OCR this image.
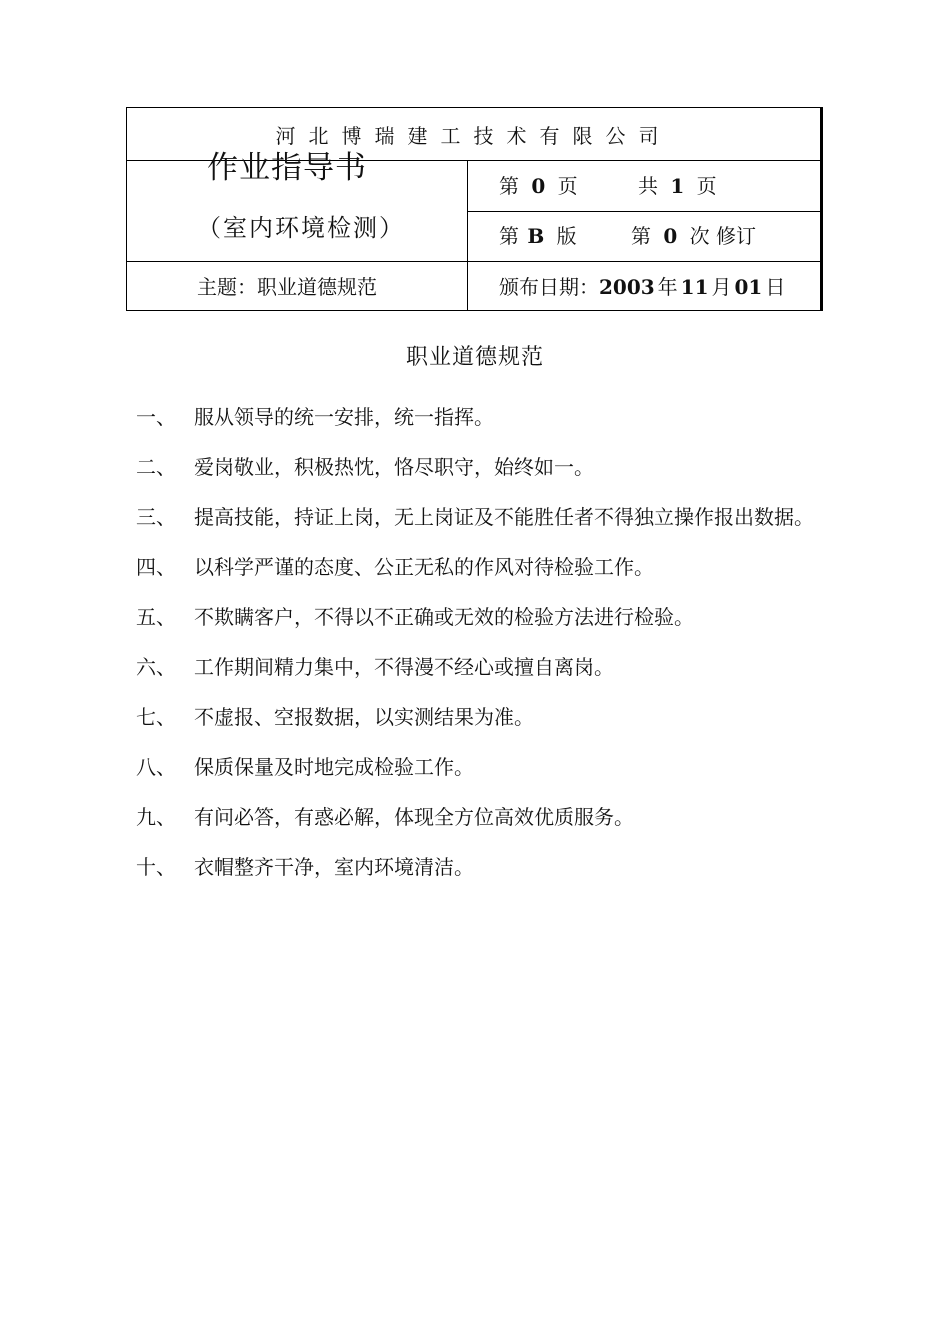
河北博瑞建工技术有限公司
作业指导书
（室内环境检测）
第 0 页	共 1 页
第 B 版	第 0 次 修订
主题：职业道德规范	颁布日期：2003 年 11 月 01 日
职业道德规范
一、 服从领导的统一安排，统一指挥。
二、 爱岗敬业，积极热忱，恪尽职守，始终如一。
三、 提高技能，持证上岗，无上岗证及不能胜任者不得独立操作报出数据。
四、 以科学严谨的态度、公正无私的作风对待检验工作。
五、 不欺瞒客户，不得以不正确或无效的检验方法进行检验。
六、 工作期间精力集中，不得漫不经心或擅自离岗。
七、 不虚报、空报数据，以实测结果为准。
八、 保质保量及时地完成检验工作。
九、 有问必答，有惑必解，体现全方位高效优质服务。
十、 衣帽整齐干净，室内环境清洁。
